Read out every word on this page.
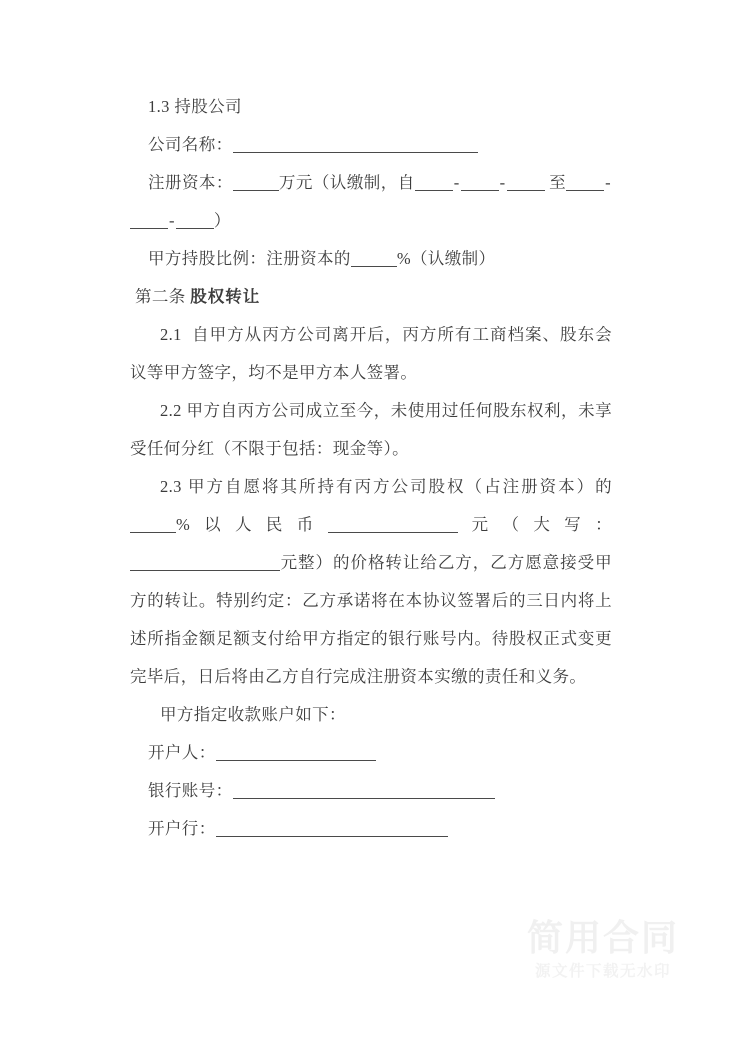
1.3 持股公司

公司名称：

注册资本：	万元（认缴制，自 - -	至 -- ）

甲方持股比例：注册资本的	%（认缴制）

第二条 股权转让

2.1 自甲方从丙方公司离开后，丙方所有工商档案、股东会议等甲方签字，均不是甲方本人签署。

2.2 甲方自丙方公司成立至今，未使用过任何股东权利，未享受任何分红（不限于包括：现金等）。

2.3 甲方自愿将其所持有丙方公司股权（占注册资本）的%以人民币	元（大写：元整）的价格转让给乙方，乙方愿意接受甲方的转让。特别约定：乙方承诺将在本协议签署后的三日内将上述所指金额足额支付给甲方指定的银行账号内。待股权正式变更完毕后，日后将由乙方自行完成注册资本实缴的责任和义务。

甲方指定收款账户如下：

开户人：

银行账号：

开户行：

简用合同
源文件下载无水印
